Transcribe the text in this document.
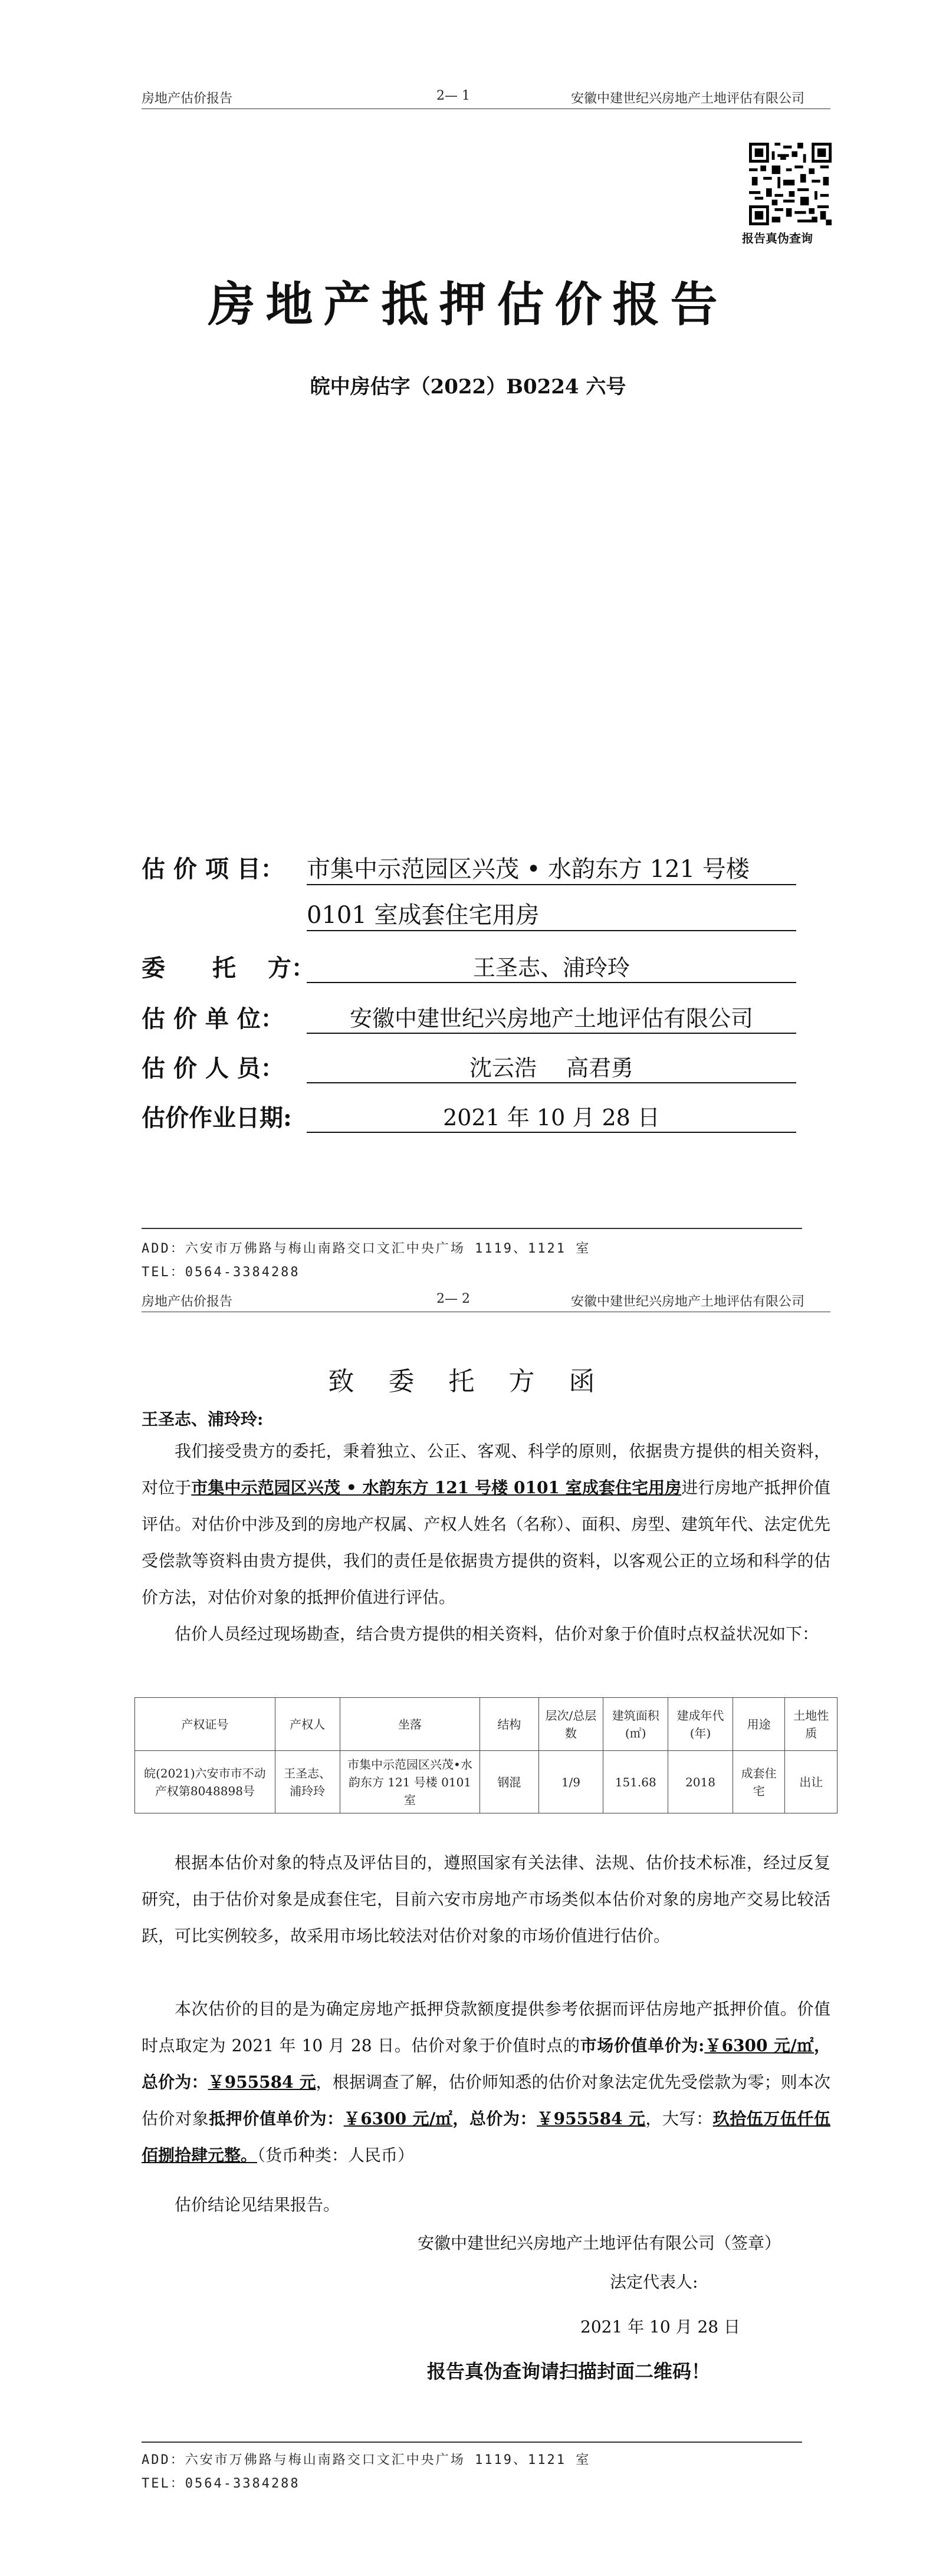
房地产估价报告	2— 1	安徽中建世纪兴房地产土地评估有限公司
报告真伪查询
房地产抵押估价报告
皖中房估字（2022）B0224 六号
估 价 项 目： 市集中示范园区兴茂 • 水韵东方 121 号楼
0101 室成套住宅用房
委　　托　 方：	王圣志、浦玲玲
估 价 单 位：	安徽中建世纪兴房地产土地评估有限公司
估 价 人 员：	沈云浩　 高君勇
估价作业日期:	2021 年 10 月 28 日
ADD：六安市万佛路与梅山南路交口文汇中央广场 1119、1121 室
TEL：0564-3384288
房地产估价报告	2— 2	安徽中建世纪兴房地产土地评估有限公司
致 委 托 方 函
王圣志、浦玲玲:
我们接受贵方的委托，秉着独立、公正、客观、科学的原则，依据贵方提供的相关资料，对位于市集中示范园区兴茂 • 水韵东方 121 号楼 0101 室成套住宅用房进行房地产抵押价值评估。对估价中涉及到的房地产权属、产权人姓名（名称）、面积、房型、建筑年代、法定优先受偿款等资料由贵方提供，我们的责任是依据贵方提供的资料，以客观公正的立场和科学的估价方法，对估价对象的抵押价值进行评估。
估价人员经过现场勘查，结合贵方提供的相关资料，估价对象于价值时点权益状况如下：
产权证号	产权人	坐落	结构	层次/总层数	建筑面积(㎡)	建成年代(年)	用途	土地性质
皖(2021)六安市市不动产权第8048898号	王圣志、浦玲玲	市集中示范园区兴茂•水韵东方 121 号楼 0101 室	钢混	1/9	151.68	2018	成套住宅	出让
根据本估价对象的特点及评估目的，遵照国家有关法律、法规、估价技术标准，经过反复研究，由于估价对象是成套住宅，目前六安市房地产市场类似本估价对象的房地产交易比较活跃，可比实例较多，故采用市场比较法对估价对象的市场价值进行估价。
本次估价的目的是为确定房地产抵押贷款额度提供参考依据而评估房地产抵押价值。价值时点取定为 2021 年 10 月 28 日。估价对象于价值时点的市场价值单价为:￥6300 元/㎡，总价为：￥955584 元，根据调查了解，估价师知悉的估价对象法定优先受偿款为零；则本次估价对象抵押价值单价为：￥6300 元/㎡，总价为：￥955584 元，大写：玖拾伍万伍仟伍佰捌拾肆元整。（货币种类：人民币）
估价结论见结果报告。
安徽中建世纪兴房地产土地评估有限公司（签章）
法定代表人:
2021 年 10 月 28 日
报告真伪查询请扫描封面二维码！
ADD：六安市万佛路与梅山南路交口文汇中央广场 1119、1121 室
TEL：0564-3384288
